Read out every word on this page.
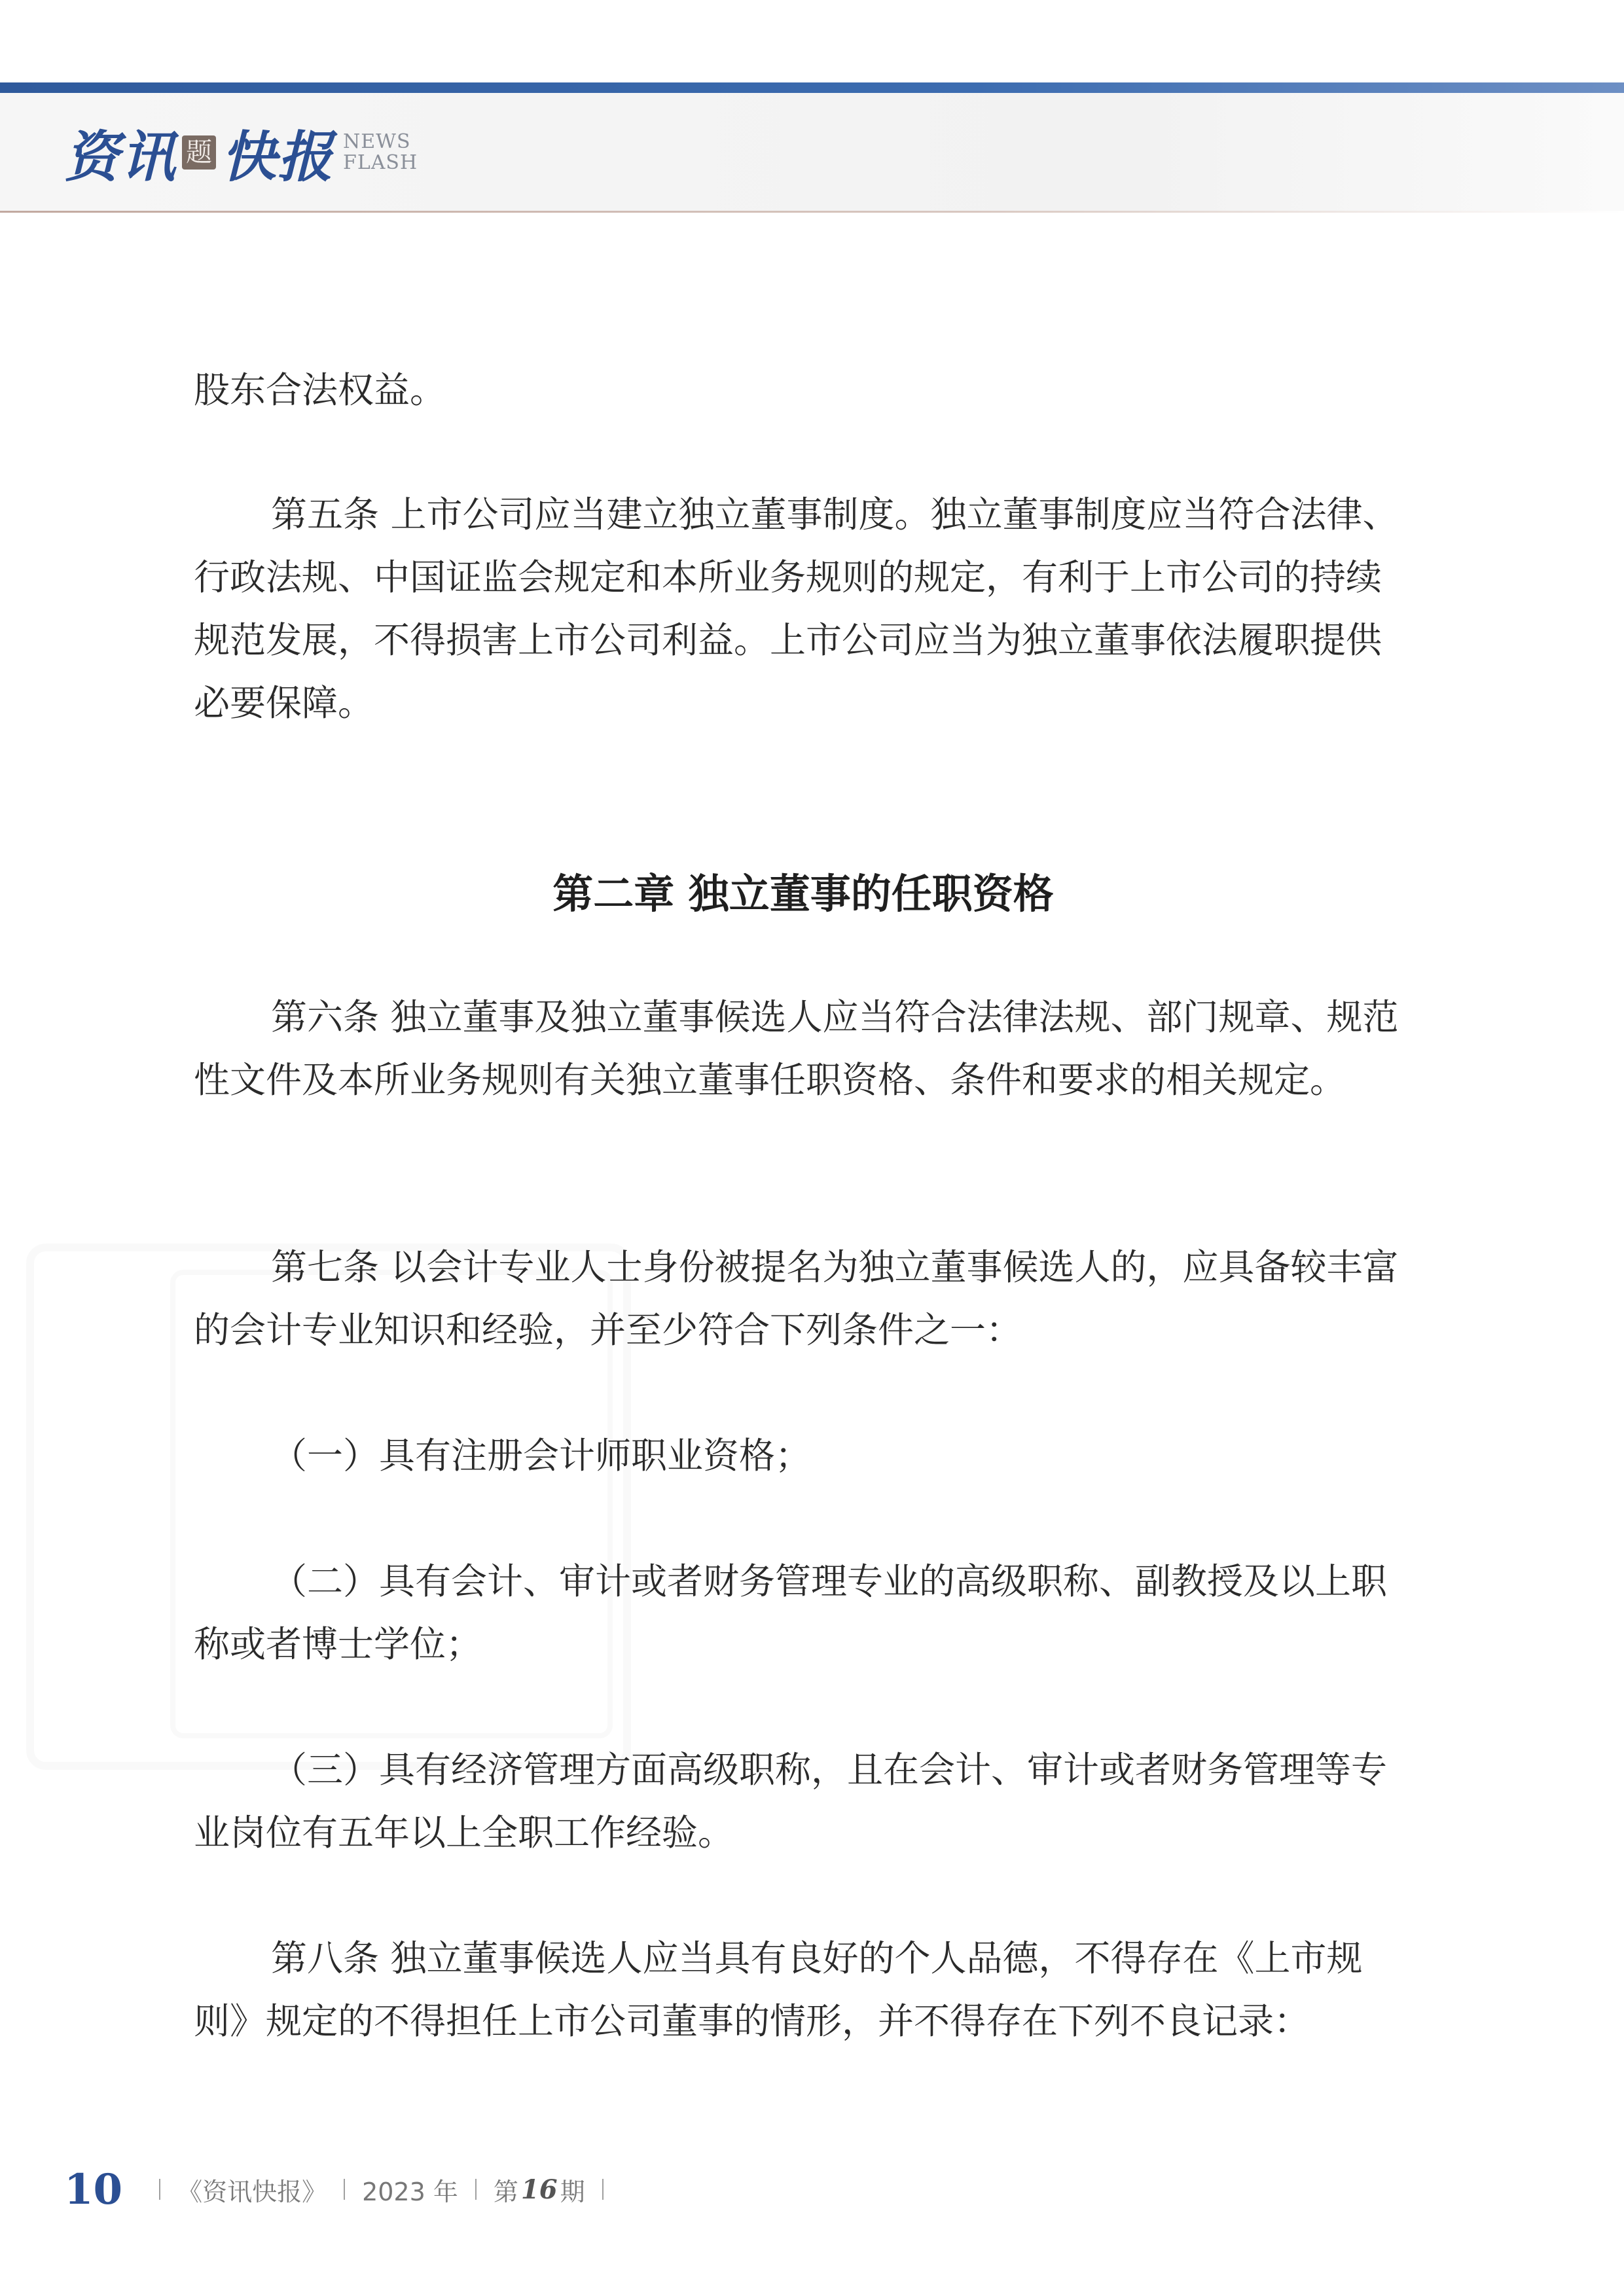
资讯 题 快报 NEWS
FLASH

股东合法权益。

第五条 上市公司应当建立独立董事制度。独立董事制度应当符合法律、行政法规、中国证监会规定和本所业务规则的规定，有利于上市公司的持续规范发展，不得损害上市公司利益。上市公司应当为独立董事依法履职提供必要保障。

第二章 独立董事的任职资格

第六条 独立董事及独立董事候选人应当符合法律法规、部门规章、规范性文件及本所业务规则有关独立董事任职资格、条件和要求的相关规定。

第七条 以会计专业人士身份被提名为独立董事候选人的，应具备较丰富的会计专业知识和经验，并至少符合下列条件之一：

（一）具有注册会计师职业资格；

（二）具有会计、审计或者财务管理专业的高级职称、副教授及以上职称或者博士学位；

（三）具有经济管理方面高级职称，且在会计、审计或者财务管理等专业岗位有五年以上全职工作经验。

第八条 独立董事候选人应当具有良好的个人品德，不得存在《上市规则》规定的不得担任上市公司董事的情形，并不得存在下列不良记录：

10 《资讯快报》 2023 年 第 16 期
